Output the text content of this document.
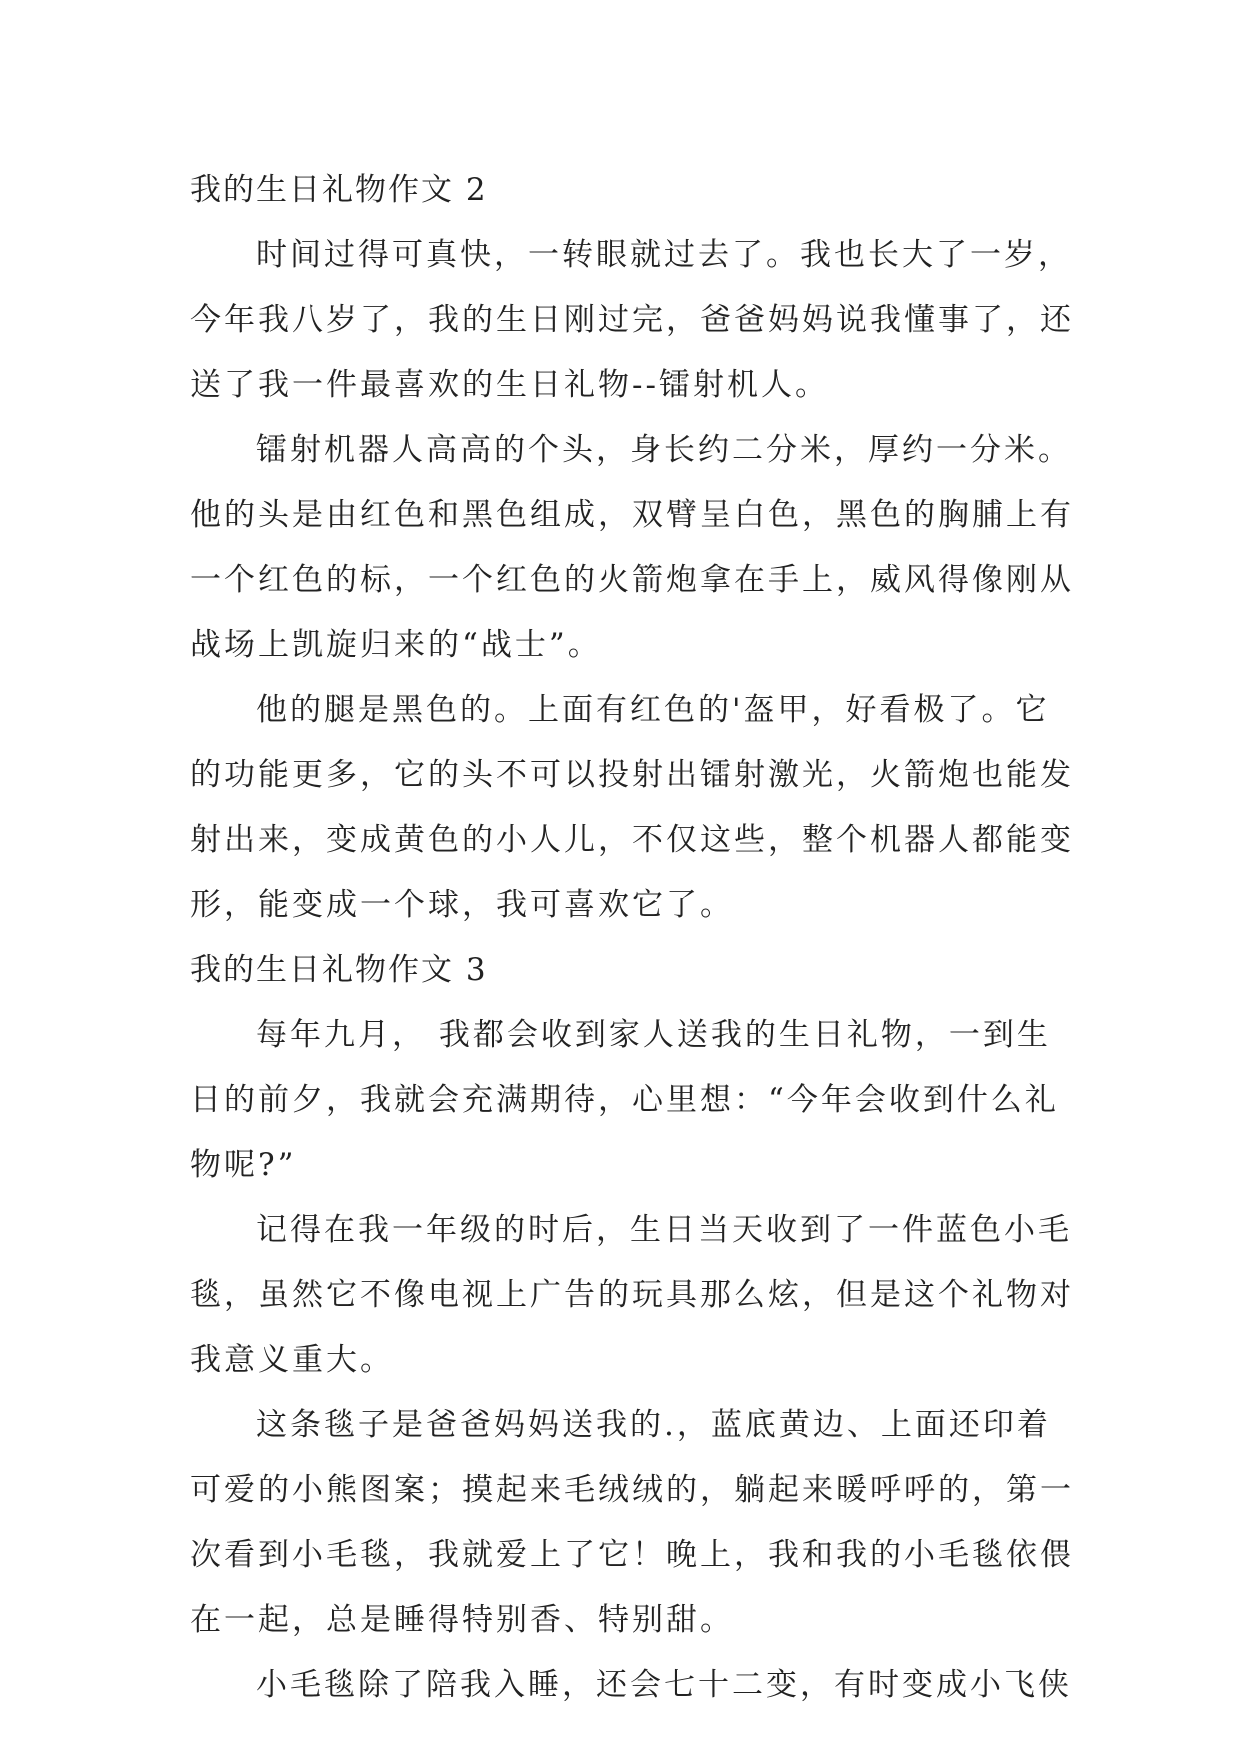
我的生日礼物作文 2
时间过得可真快，一转眼就过去了。我也长大了一岁，
今年我八岁了，我的生日刚过完，爸爸妈妈说我懂事了，还
送了我一件最喜欢的生日礼物--镭射机人。
镭射机器人高高的个头，身长约二分米，厚约一分米。
他的头是由红色和黑色组成，双臂呈白色，黑色的胸脯上有
一个红色的标，一个红色的火箭炮拿在手上，威风得像刚从
战场上凯旋归来的“战士”。
他的腿是黑色的。上面有红色的'盔甲，好看极了。它
的功能更多，它的头不可以投射出镭射激光，火箭炮也能发
射出来，变成黄色的小人儿，不仅这些，整个机器人都能变
形，能变成一个球，我可喜欢它了。
我的生日礼物作文 3
每年九月， 我都会收到家人送我的生日礼物，一到生
日的前夕，我就会充满期待，心里想：“今年会收到什么礼
物呢?”
记得在我一年级的时后，生日当天收到了一件蓝色小毛
毯，虽然它不像电视上广告的玩具那么炫，但是这个礼物对
我意义重大。
这条毯子是爸爸妈妈送我的.，蓝底黄边、上面还印着
可爱的小熊图案；摸起来毛绒绒的，躺起来暖呼呼的，第一
次看到小毛毯，我就爱上了它！晚上，我和我的小毛毯依偎
在一起，总是睡得特别香、特别甜。
小毛毯除了陪我入睡，还会七十二变，有时变成小飞侠
